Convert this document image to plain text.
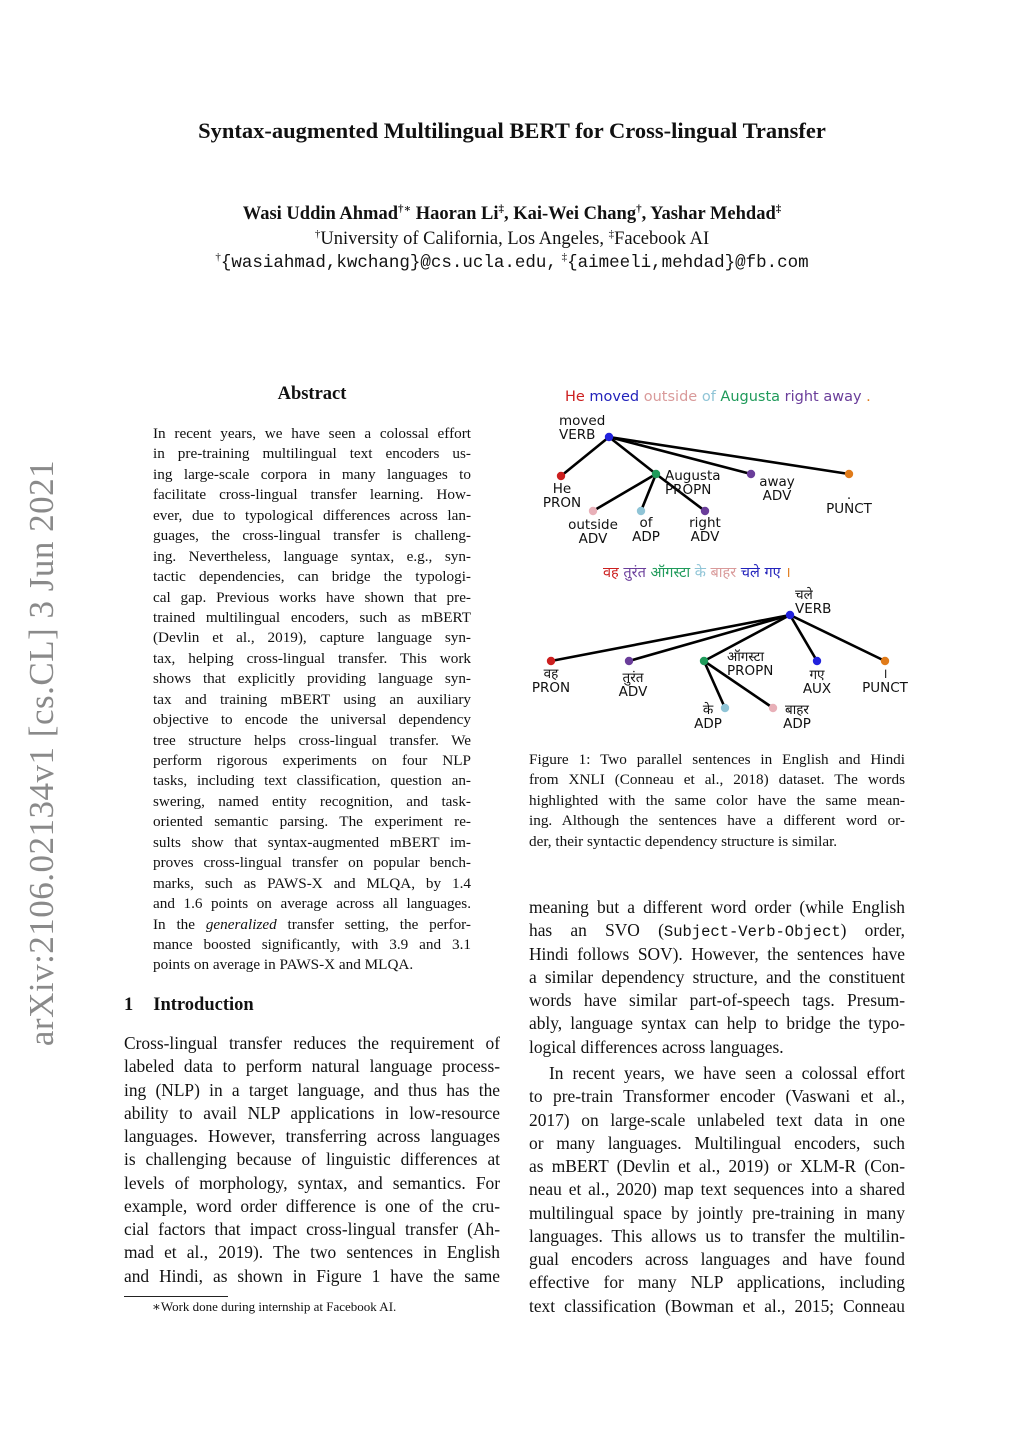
arXiv:2106.02134v1 [cs.CL] 3 Jun 2021
Syntax-augmented Multilingual BERT for Cross-lingual Transfer
Wasi Uddin Ahmad†∗ Haoran Li‡, Kai-Wei Chang†, Yashar Mehdad‡
†University of California, Los Angeles, ‡Facebook AI
†{wasiahmad,kwchang}@cs.ucla.edu, ‡{aimeeli,mehdad}@fb.com
Abstract
In recent years, we have seen a colossal effort
in pre-training multilingual text encoders us-
ing large-scale corpora in many languages to
facilitate cross-lingual transfer learning. How-
ever, due to typological differences across lan-
guages, the cross-lingual transfer is challeng-
ing. Nevertheless, language syntax, e.g., syn-
tactic dependencies, can bridge the typologi-
cal gap. Previous works have shown that pre-
trained multilingual encoders, such as mBERT
(Devlin et al., 2019), capture language syn-
tax, helping cross-lingual transfer. This work
shows that explicitly providing language syn-
tax and training mBERT using an auxiliary
objective to encode the universal dependency
tree structure helps cross-lingual transfer. We
perform rigorous experiments on four NLP
tasks, including text classification, question an-
swering, named entity recognition, and task-
oriented semantic parsing. The experiment re-
sults show that syntax-augmented mBERT im-
proves cross-lingual transfer on popular bench-
marks, such as PAWS-X and MLQA, by 1.4
and 1.6 points on average across all languages.
In the generalized transfer setting, the perfor-
mance boosted significantly, with 3.9 and 3.1
points on average in PAWS-X and MLQA.
1 Introduction
Cross-lingual transfer reduces the requirement of
labeled data to perform natural language process-
ing (NLP) in a target language, and thus has the
ability to avail NLP applications in low-resource
languages. However, transferring across languages
is challenging because of linguistic differences at
levels of morphology, syntax, and semantics. For
example, word order difference is one of the cru-
cial factors that impact cross-lingual transfer (Ah-
mad et al., 2019). The two sentences in English
and Hindi, as shown in Figure 1 have the same
∗Work done during internship at Facebook AI.
He moved outside of Augusta right away .
moved
VERB
He
PRON
Augusta
PROPN	away
ADV	.
PUNCT
outside
ADV
of
ADP
right
ADV
वह तुरंत ऑगस्टा के बाहर चले गए ।
चले
VERB
वह
PRON
तुरंत
ADV
ऑगस्टा
PROPN	गए
AUX
।
PUNCT
के
ADP
बाहर
ADP
Figure 1: Two parallel sentences in English and Hindi
from XNLI (Conneau et al., 2018) dataset. The words
highlighted with the same color have the same mean-
ing. Although the sentences have a different word or-
der, their syntactic dependency structure is similar.
meaning but a different word order (while English
has an SVO (Subject-Verb-Object) order,
Hindi follows SOV). However, the sentences have
a similar dependency structure, and the constituent
words have similar part-of-speech tags. Presum-
ably, language syntax can help to bridge the typo-
logical differences across languages.
In recent years, we have seen a colossal effort
to pre-train Transformer encoder (Vaswani et al.,
2017) on large-scale unlabeled text data in one
or many languages. Multilingual encoders, such
as mBERT (Devlin et al., 2019) or XLM-R (Con-
neau et al., 2020) map text sequences into a shared
multilingual space by jointly pre-training in many
languages. This allows us to transfer the multilin-
gual encoders across languages and have found
effective for many NLP applications, including
text classification (Bowman et al., 2015; Conneau
